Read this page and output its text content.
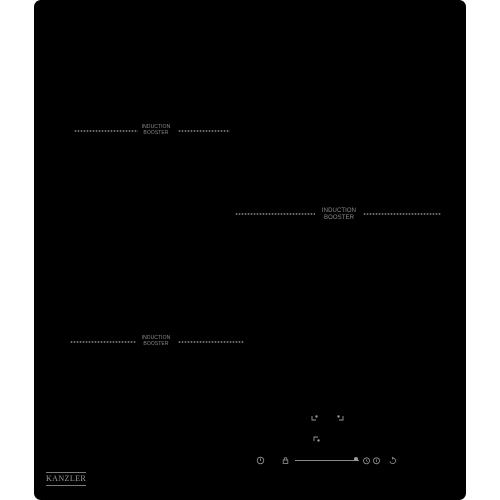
INDUCTION
BOOSTER
INDUCTION
BOOSTER
INDUCTION
BOOSTER
KANZLER
